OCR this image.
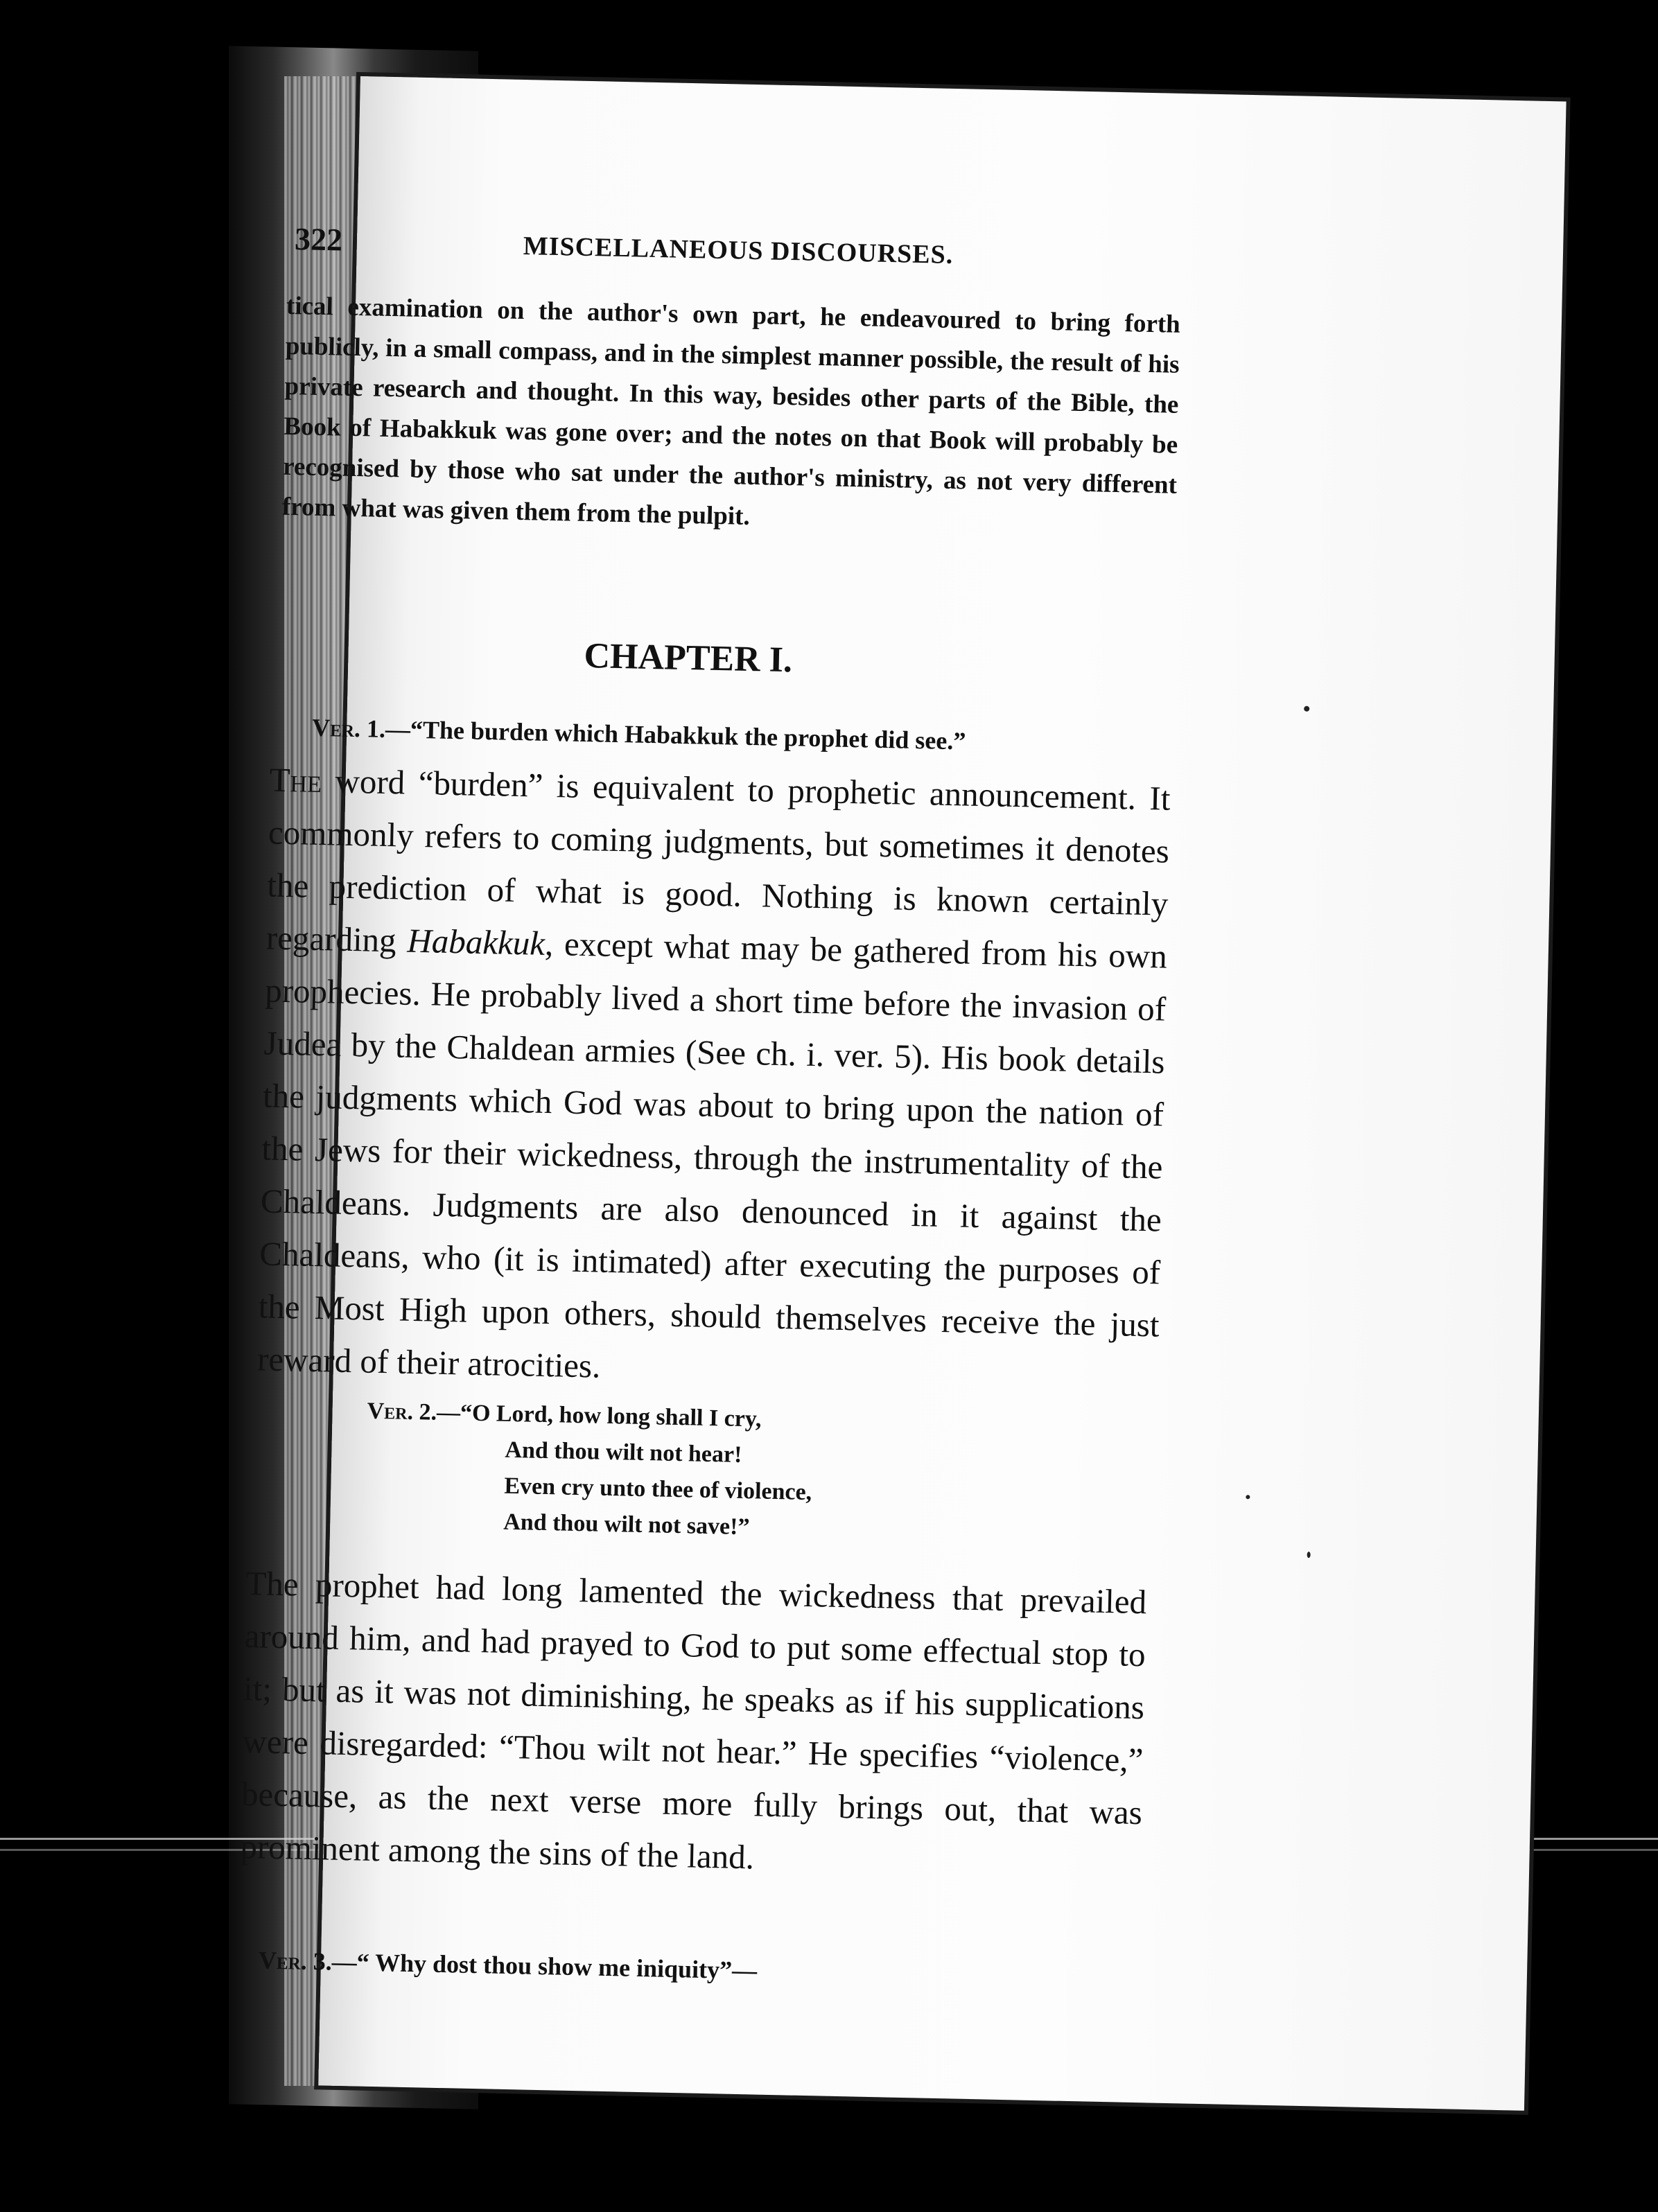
322	MISCELLANEOUS DISCOURSES.
tical examination on the author's own part, he endeavoured to bring forth publicly, in a small compass, and in the simplest manner possible, the result of his private research and thought. In this way, besides other parts of the Bible, the Book of Habakkuk was gone over; and the notes on that Book will probably be recognised by those who sat under the author's ministry, as not very different from what was given them from the pulpit.
CHAPTER I.
Ver. 1.—“The burden which Habakkuk the prophet did see.”
The word “burden” is equivalent to prophetic announcement. It commonly refers to coming judgments, but sometimes it denotes the prediction of what is good. Nothing is known certainly regarding Habakkuk, except what may be gathered from his own prophecies. He probably lived a short time before the invasion of Judea by the Chaldean armies (See ch. i. ver. 5). His book details the judgments which God was about to bring upon the nation of the Jews for their wickedness, through the instrumentality of the Chaldeans. Judgments are also denounced in it against the Chaldeans, who (it is intimated) after executing the purposes of the Most High upon others, should themselves receive the just reward of their atrocities.
Ver. 2.—“O Lord, how long shall I cry,
And thou wilt not hear!
Even cry unto thee of violence,
And thou wilt not save!”
The prophet had long lamented the wickedness that prevailed around him, and had prayed to God to put some effectual stop to it; but as it was not diminishing, he speaks as if his supplications were disregarded: “Thou wilt not hear.” He specifies “violence,” because, as the next verse more fully brings out, that was prominent among the sins of the land.
Ver. 3.—“ Why dost thou show me iniquity”—
